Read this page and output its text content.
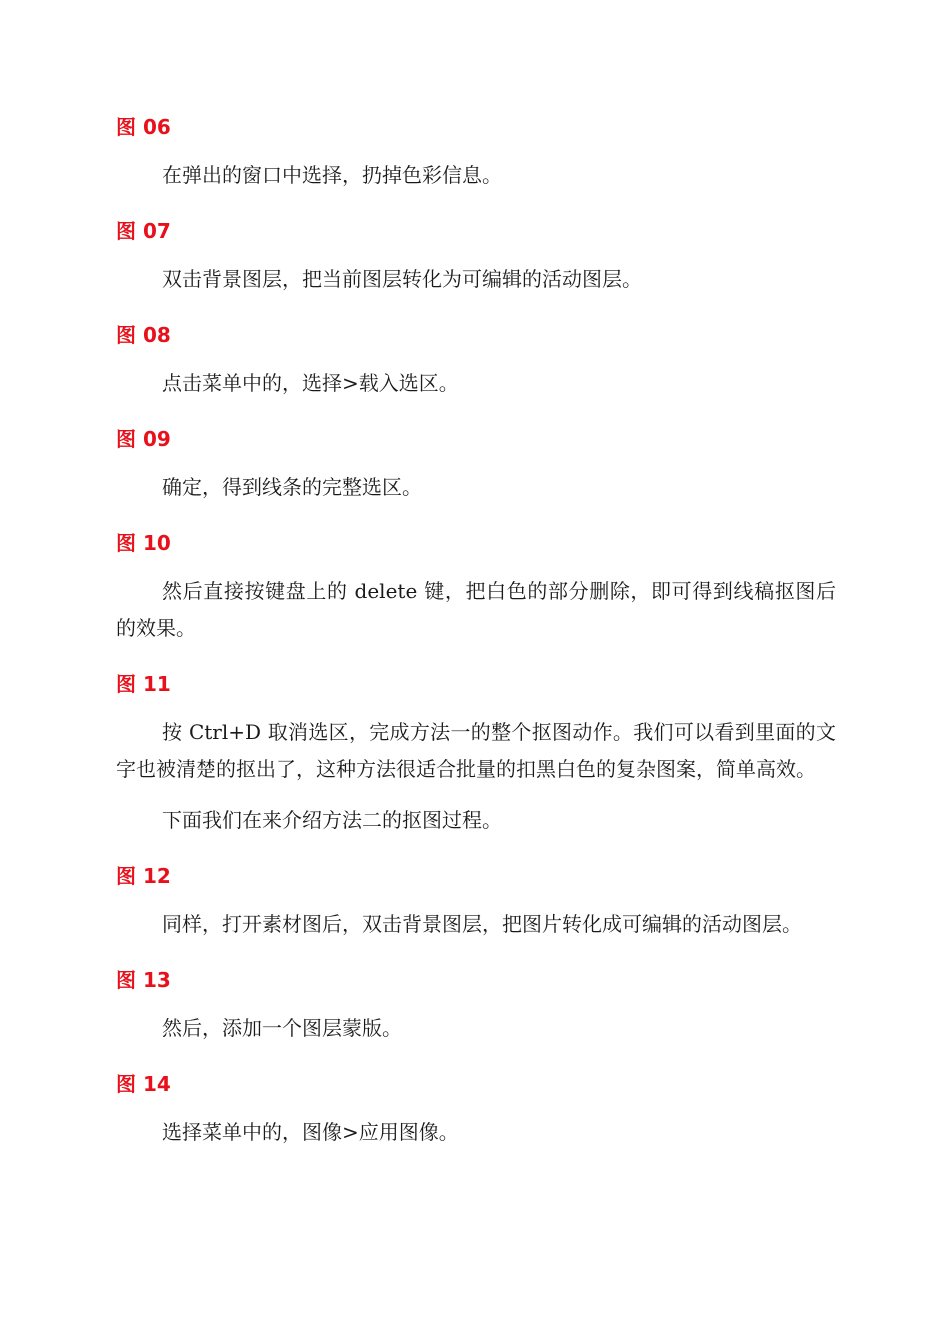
图 06

在弹出的窗口中选择，扔掉色彩信息。

图 07

双击背景图层，把当前图层转化为可编辑的活动图层。

图 08

点击菜单中的，选择>载入选区。

图 09

确定，得到线条的完整选区。

图 10

然后直接按键盘上的 delete 键，把白色的部分删除，即可得到线稿抠图后的效果。

图 11

按 Ctrl+D 取消选区，完成方法一的整个抠图动作。我们可以看到里面的文字也被清楚的抠出了，这种方法很适合批量的扣黑白色的复杂图案，简单高效。

下面我们在来介绍方法二的抠图过程。

图 12

同样，打开素材图后，双击背景图层，把图片转化成可编辑的活动图层。

图 13

然后，添加一个图层蒙版。

图 14

选择菜单中的，图像>应用图像。
